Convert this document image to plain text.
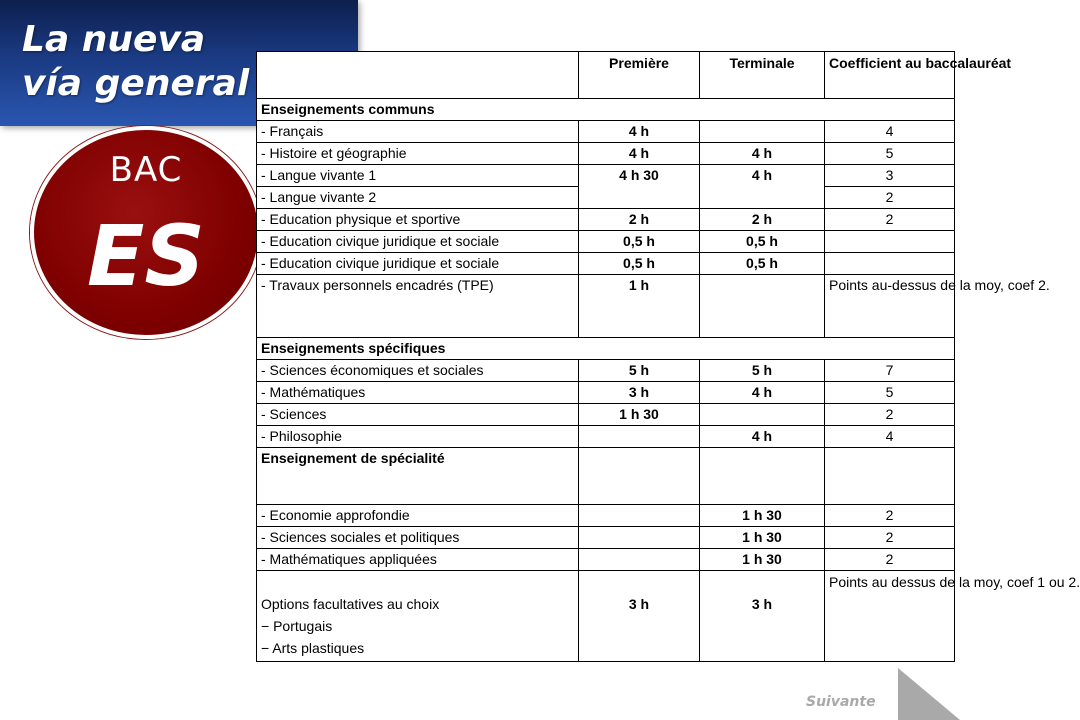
La nueva
vía general
BAC
ES
	Première	Terminale	Coefficient au baccalauréat
Enseignements communs			
- Français	4 h		4
- Histoire et géographie	4 h	4 h	5
- Langue vivante 1	4 h 30	4 h	3
- Langue vivante 2			2
- Education physique et sportive	2 h	2 h	2
- Education civique juridique et sociale	0,5 h	0,5 h	
- Education civique juridique et sociale	0,5 h	0,5 h	
- Travaux personnels encadrés (TPE)	1 h		Points au-dessus de la moy, coef 2.
Enseignements spécifiques			
- Sciences économiques et sociales	5 h	5 h	7
- Mathématiques	3 h	4 h	5
- Sciences	1 h 30		2
- Philosophie		4 h	4
Enseignement de spécialité			
- Economie approfondie		1 h 30	2
- Sciences sociales et politiques		1 h 30	2
- Mathématiques appliquées		1 h 30	2

Options facultatives au choix
− Portugais
− Arts plastiques	3 h	3 h	Points au dessus de la moy, coef 1 ou 2.
Suivante
